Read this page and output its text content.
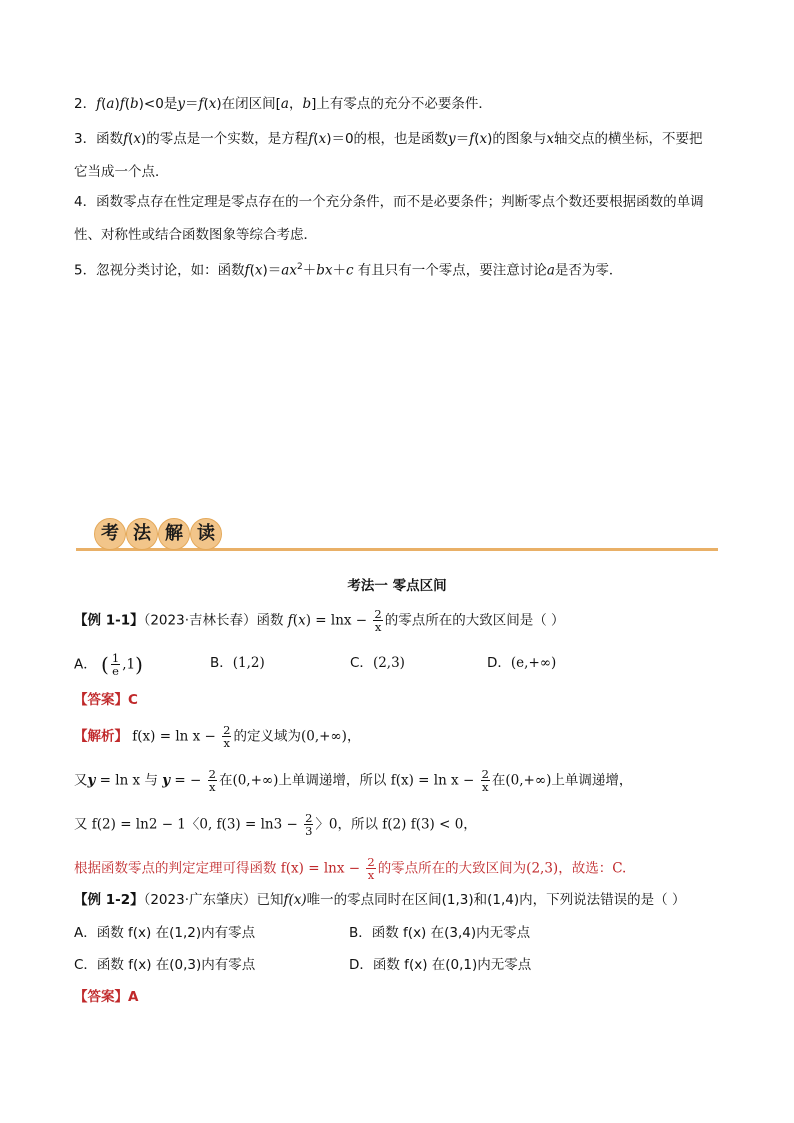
2．f(a)f(b)<0是y＝f(x)在闭区间[a，b]上有零点的充分不必要条件．
3．函数f(x)的零点是一个实数，是方程f(x)＝0的根，也是函数y＝f(x)的图象与x轴交点的横坐标，不要把
它当成一个点．
4．函数零点存在性定理是零点存在的一个充分条件，而不是必要条件；判断零点个数还要根据函数的单调
性、对称性或结合函数图象等综合考虑．
5．忽视分类讨论，如：函数$f(x)=ax^2+bx+c$ 有且只有一个零点，要注意讨论a是否为零．
考 法 解 读
考法一 零点区间
【例 1-1】（2023·吉林长春）函数 $f(x) = \ln x - \frac{2}{x}$ 的零点所在的大致区间是（ ）
A． ( $\frac{1}{e} ,1$)	B．(1,2)	C．(2,3)	D．(e,+∞)
【答案】C
【解析】 $f(x) = \ln x - \frac{2}{x}$ 的定义域为(0,+∞)，
又y = ln x 与 y = − $\frac{2}{x}$ 在(0,+∞)上单调递增，所以 $f(x) = \ln x - \frac{2}{x}$ 在(0,+∞)上单调递增，
又 f(2) = ln2 − 1〈0, $f(3) = \ln 3 - \frac{2}{3}$ 〉0，所以 f(2) f(3) < 0，
根据函数零点的判定定理可得函数 $f(x) = \ln x - \frac{2}{x}$ 的零点所在的大致区间为(2,3)，故选：C.
【例 1-2】（2023·广东肇庆）已知f(x)唯一的零点同时在区间(1,3)和(1,4)内，下列说法错误的是（ ）
A．函数 f(x) 在(1,2)内有零点	B．函数 f(x) 在(3,4)内无零点
C．函数 f(x) 在(0,3)内有零点	D．函数 f(x) 在(0,1)内无零点
【答案】A
